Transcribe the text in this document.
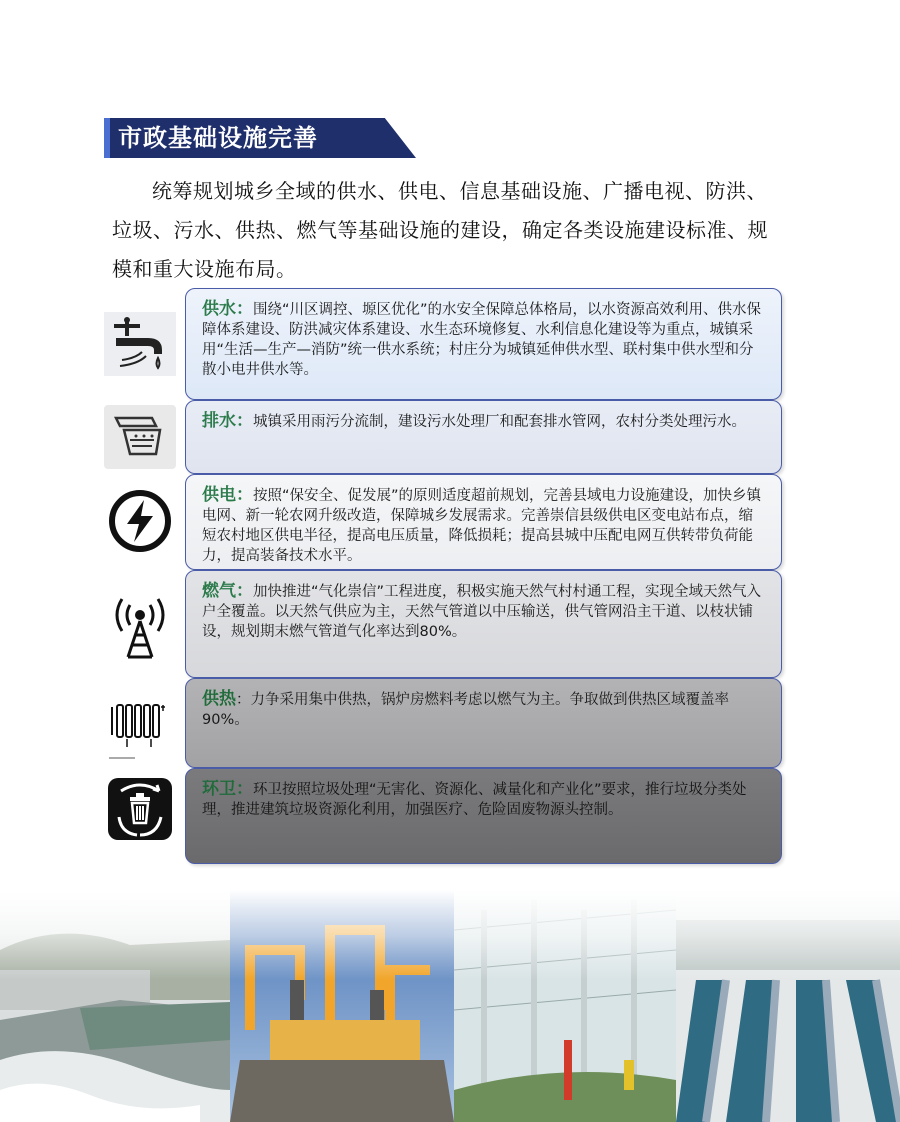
市政基础设施完善
统筹规划城乡全域的供水、供电、信息基础设施、广播电视、防洪、垃圾、污水、供热、燃气等基础设施的建设，确定各类设施建设标准、规模和重大设施布局。
供水：围绕“川区调控、塬区优化”的水安全保障总体格局，以水资源高效利用、供水保障体系建设、防洪减灾体系建设、水生态环境修复、水利信息化建设等为重点，城镇采用“生活—生产—消防”统一供水系统；村庄分为城镇延伸供水型、联村集中供水型和分散小电井供水等。
排水：城镇采用雨污分流制，建设污水处理厂和配套排水管网，农村分类处理污水。
供电：按照“保安全、促发展”的原则适度超前规划，完善县域电力设施建设，加快乡镇电网、新一轮农网升级改造，保障城乡发展需求。完善崇信县级供电区变电站布点，缩短农村地区供电半径，提高电压质量，降低损耗；提高县城中压配电网互供转带负荷能力，提高装备技术水平。
燃气：加快推进“气化崇信”工程进度，积极实施天然气村村通工程，实现全域天然气入户全覆盖。以天然气供应为主，天然气管道以中压输送，供气管网沿主干道、以枝状铺设，规划期末燃气管道气化率达到80%。
供热：力争采用集中供热，锅炉房燃料考虑以燃气为主。争取做到供热区域覆盖率90%。
环卫：环卫按照垃圾处理“无害化、资源化、减量化和产业化”要求，推行垃圾分类处理，推进建筑垃圾资源化利用，加强医疗、危险固废物源头控制。
